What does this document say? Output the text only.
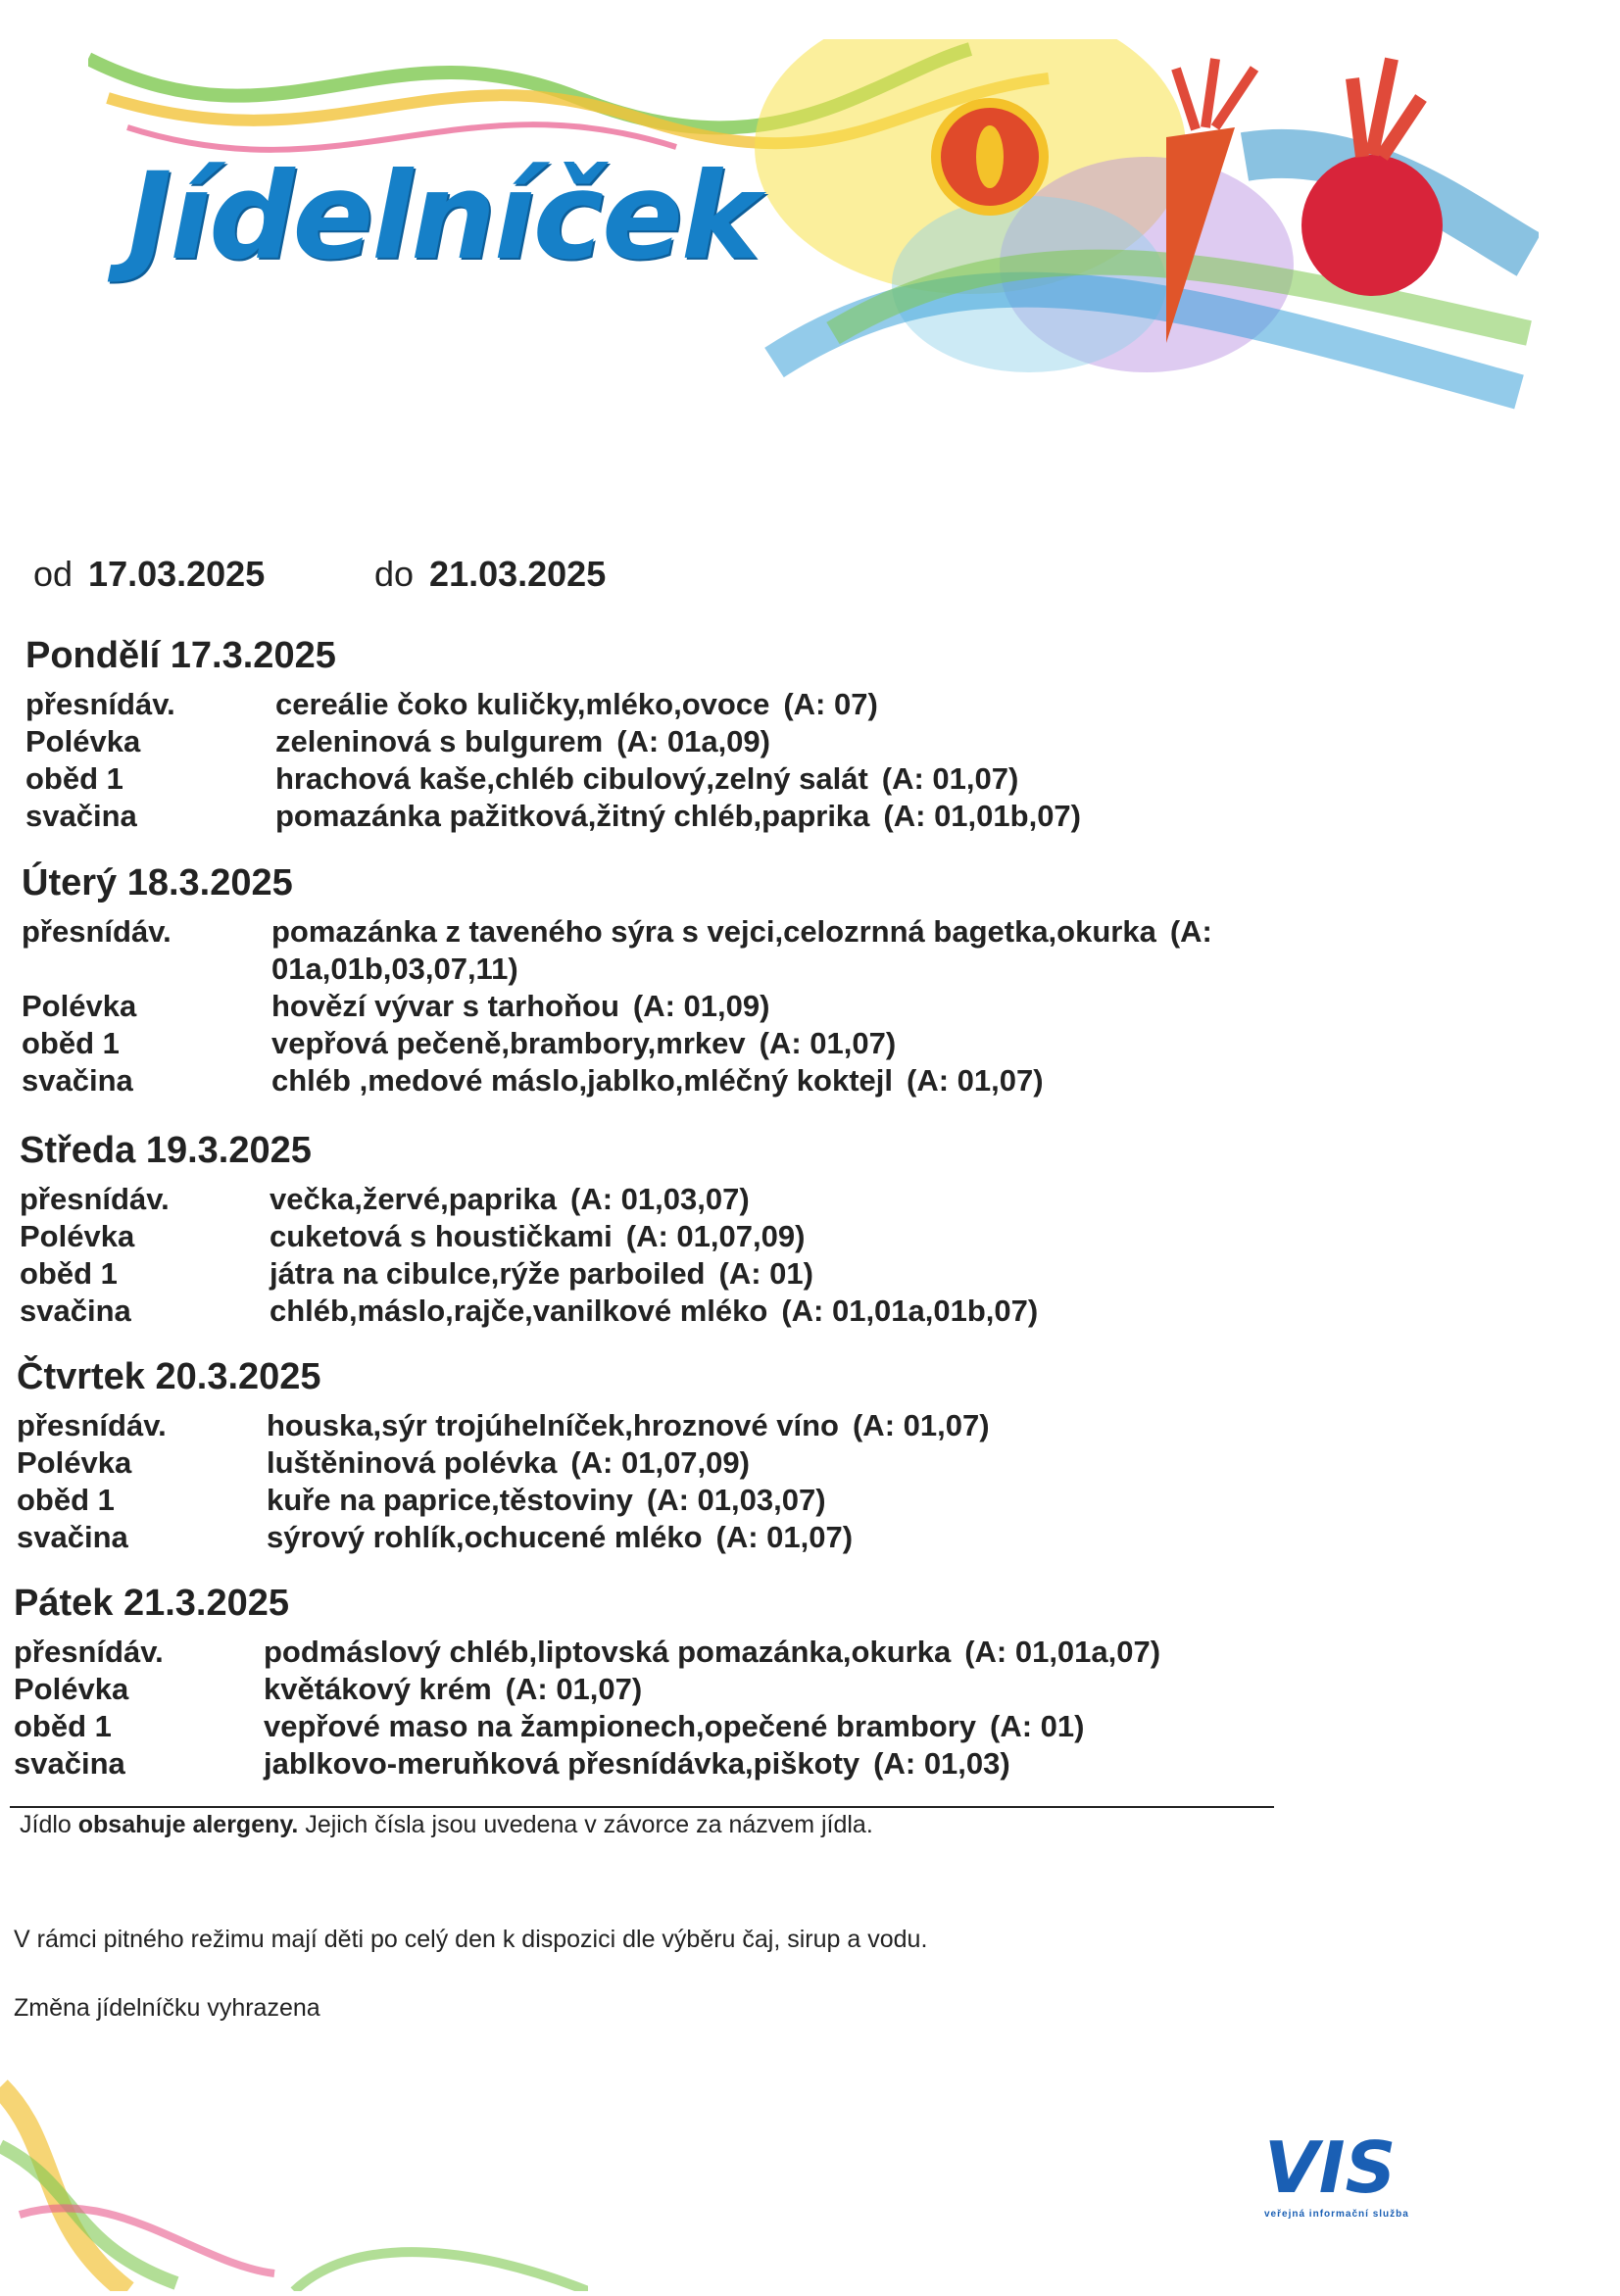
Jídelníček
od 17.03.2025	do 21.03.2025
Pondělí 17.3.2025
přesnídáv.	cereálie čoko kuličky,mléko,ovoce (A: 07)
Polévka	zeleninová s bulgurem (A: 01a,09)
oběd 1	hrachová kaše,chléb cibulový,zelný salát (A: 01,07)
svačina	pomazánka pažitková,žitný chléb,paprika (A: 01,01b,07)
Úterý 18.3.2025
přesnídáv.	pomazánka z taveného sýra s vejci,celozrnná bagetka,okurka (A: 01a,01b,03,07,11)
Polévka	hovězí vývar s tarhoňou (A: 01,09)
oběd 1	vepřová pečeně,brambory,mrkev (A: 01,07)
svačina	chléb ,medové máslo,jablko,mléčný koktejl (A: 01,07)
Středa 19.3.2025
přesnídáv.	večka,žervé,paprika (A: 01,03,07)
Polévka	cuketová s houstičkami (A: 01,07,09)
oběd 1	játra na cibulce,rýže parboiled (A: 01)
svačina	chléb,máslo,rajče,vanilkové mléko (A: 01,01a,01b,07)
Čtvrtek 20.3.2025
přesnídáv.	houska,sýr trojúhelníček,hroznové víno (A: 01,07)
Polévka	luštěninová polévka (A: 01,07,09)
oběd 1	kuře na paprice,těstoviny (A: 01,03,07)
svačina	sýrový rohlík,ochucené mléko (A: 01,07)
Pátek 21.3.2025
přesnídáv.	podmáslový chléb,liptovská pomazánka,okurka (A: 01,01a,07)
Polévka	květákový krém (A: 01,07)
oběd 1	vepřové maso na žampionech,opečené brambory (A: 01)
svačina	jablkovo-meruňková přesnídávka,piškoty (A: 01,03)
Jídlo obsahuje alergeny. Jejich čísla jsou uvedena v závorce za názvem jídla.
V rámci pitného režimu mají děti po celý den k dispozici dle výběru čaj, sirup a vodu.
Změna jídelníčku vyhrazena
VIS
veřejná informační služba
